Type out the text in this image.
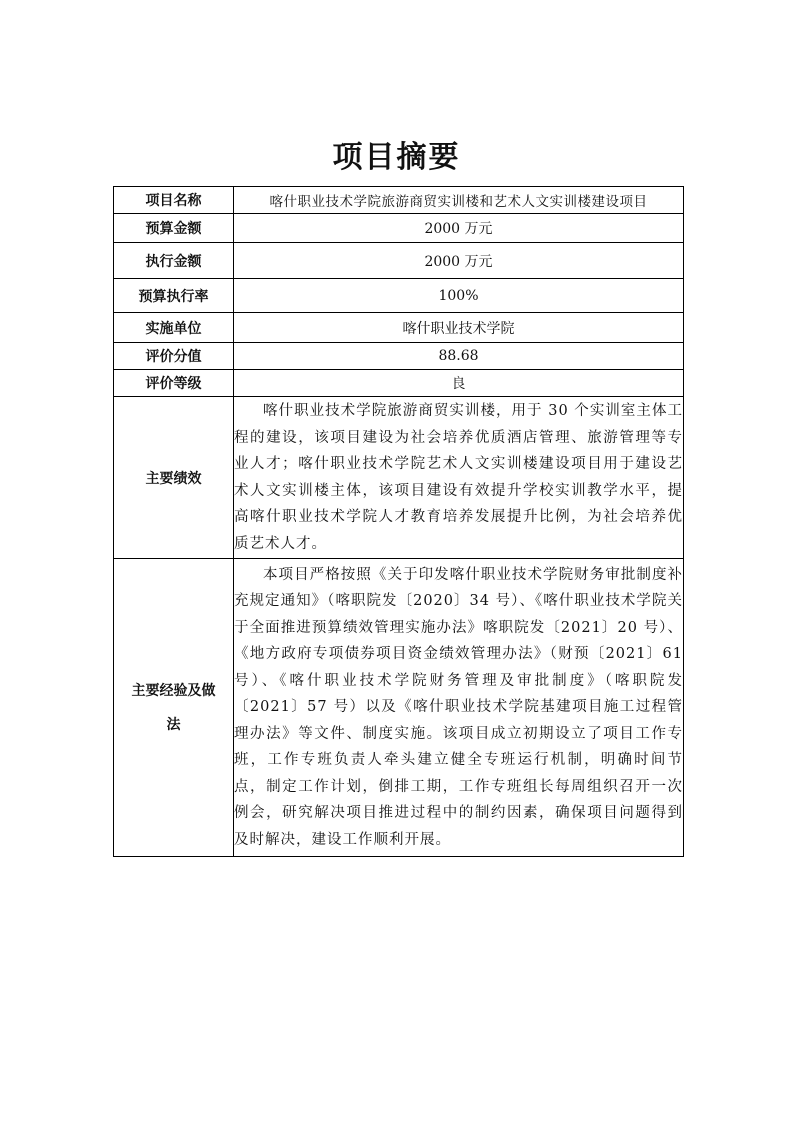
项目摘要
项目名称	喀什职业技术学院旅游商贸实训楼和艺术人文实训楼建设项目
预算金额	2000 万元
执行金额	2000 万元
预算执行率	100%
实施单位	喀什职业技术学院
评价分值	88.68
评价等级	良
主要绩效	喀什职业技术学院旅游商贸实训楼，用于 30 个实训室主体工程的建设，该项目建设为社会培养优质酒店管理、旅游管理等专业人才；喀什职业技术学院艺术人文实训楼建设项目用于建设艺术人文实训楼主体，该项目建设有效提升学校实训教学水平，提高喀什职业技术学院人才教育培养发展提升比例，为社会培养优质艺术人才。
主要经验及做法	本项目严格按照《关于印发喀什职业技术学院财务审批制度补充规定通知》（喀职院发〔2020〕34 号）、《喀什职业技术学院关于全面推进预算绩效管理实施办法》喀职院发〔2021〕20 号）、《地方政府专项债券项目资金绩效管理办法》（财预〔2021〕61 号）、《喀什职业技术学院财务管理及审批制度》（喀职院发〔2021〕57 号）以及《喀什职业技术学院基建项目施工过程管理办法》等文件、制度实施。该项目成立初期设立了项目工作专班，工作专班负责人牵头建立健全专班运行机制，明确时间节点，制定工作计划，倒排工期，工作专班组长每周组织召开一次例会，研究解决项目推进过程中的制约因素，确保项目问题得到及时解决，建设工作顺利开展。
